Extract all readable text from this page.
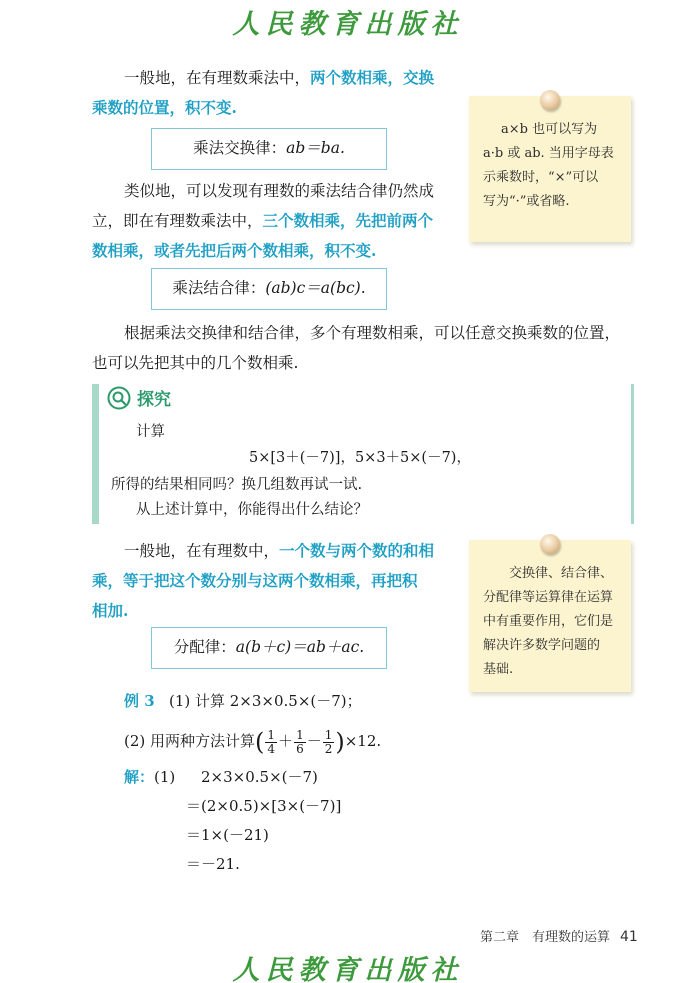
人民教育出版社

一般地，在有理数乘法中，两个数相乘，交换

乘数的位置，积不变.

乘法交换律：ab＝ba.
a×b 也可以写为
a·b 或 ab. 当用字母表
示乘数时，“×”可以
写为“·”或省略.

类似地，可以发现有理数的乘法结合律仍然成

立，即在有理数乘法中，三个数相乘，先把前两个

数相乘，或者先把后两个数相乘，积不变.

乘法结合律：(ab)c＝a(bc).

根据乘法交换律和结合律，多个有理数相乘，可以任意交换乘数的位置，

也可以先把其中的几个数相乘.

探究
计算
5×[3＋(－7)]，5×3＋5×(－7)，
所得的结果相同吗？换几组数再试一试.
从上述计算中，你能得出什么结论？

一般地，在有理数中，一个数与两个数的和相

乘，等于把这个数分别与这两个数相乘，再把积

相加.

分配律：a(b＋c)＝ab＋ac.
交换律、结合律、
分配律等运算律在运算
中有重要作用，它们是
解决许多数学问题的
基础.
例 3 (1) 计算 2×3×0.5×(－7)；
(2) 用两种方法计算( $\frac{1}{4} + \frac{1}{6} - \frac{1}{2} )\times 12$.
解：(1) 2×3×0.5×(－7)
＝(2×0.5)×[3×(－7)]
＝1×(－21)
＝－21.
第二章　有理数的运算 41
人民教育出版社
